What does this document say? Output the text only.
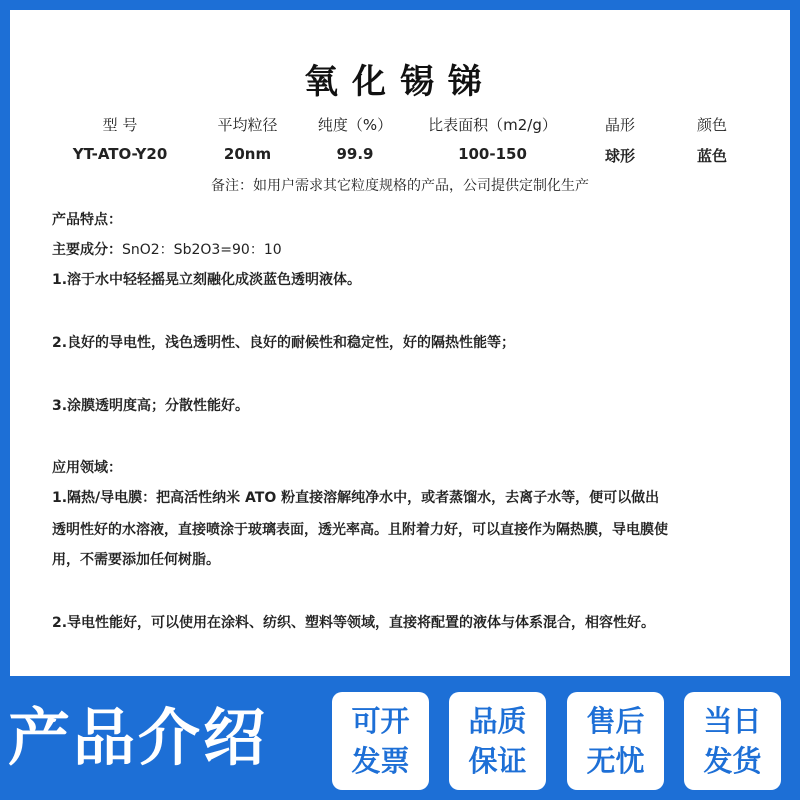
氧化锡锑
型 号	平均粒径	纯度（%）	比表面积（m2/g）	晶形	颜色
YT-ATO-Y20	20nm	99.9	100-150	球形	蓝色
备注：如用户需求其它粒度规格的产品，公司提供定制化生产
产品特点：
主要成分：SnO2：Sb2O3=90：10
1.溶于水中轻轻摇晃立刻融化成淡蓝色透明液体。
2.良好的导电性，浅色透明性、良好的耐候性和稳定性，好的隔热性能等；
3.涂膜透明度高；分散性能好。
应用领域：
1.隔热/导电膜：把高活性纳米 ATO 粉直接溶解纯净水中，或者蒸馏水，去离子水等，便可以做出
透明性好的水溶液，直接喷涂于玻璃表面，透光率高。且附着力好，可以直接作为隔热膜，导电膜使
用，不需要添加任何树脂。
2.导电性能好，可以使用在涂料、纺织、塑料等领域，直接将配置的液体与体系混合，相容性好。
产品介绍	可开
发票
品质
保证
售后
无忧
当日
发货
